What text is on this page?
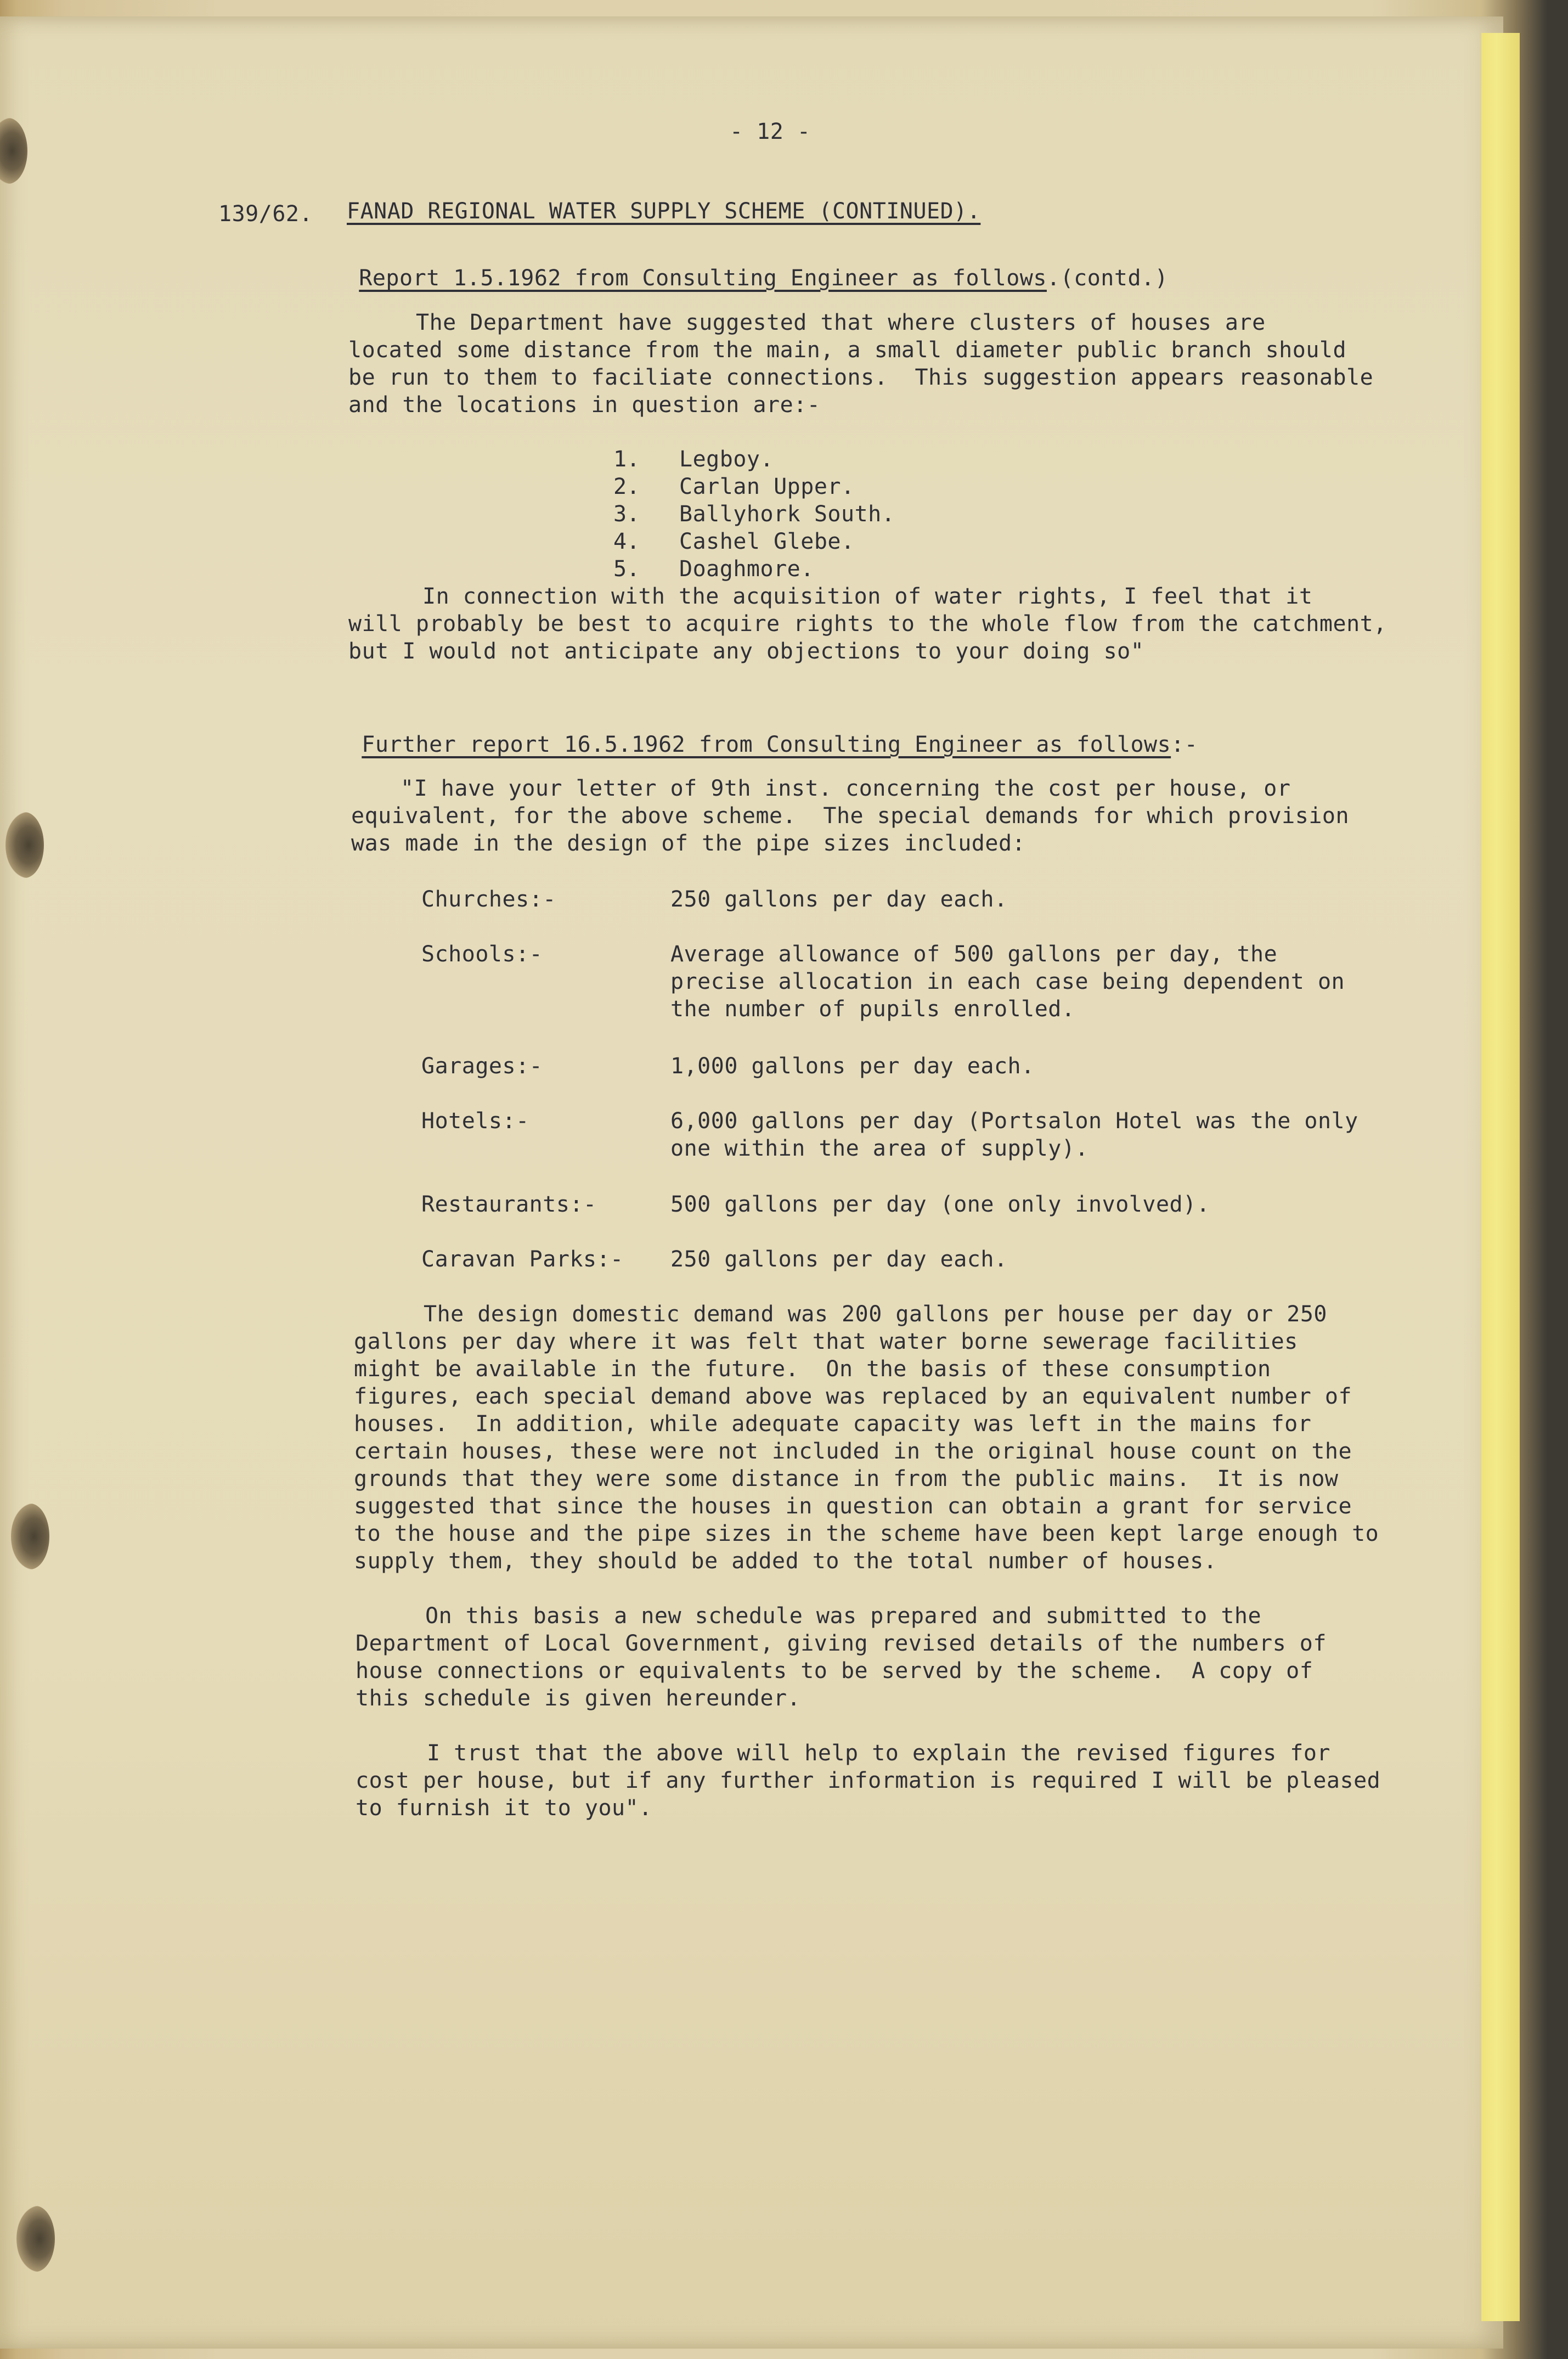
- 12 -
139/62. FANAD REGIONAL WATER SUPPLY SCHEME (CONTINUED).

Report 1.5.1962 from Consulting Engineer as follows.(contd.)

The Department have suggested that where clusters of houses are
located some distance from the main, a small diameter public branch should
be run to them to faciliate connections.  This suggestion appears reasonable
and the locations in question are:-
1. Legboy.
2. Carlan Upper.
3. Ballyhork South.
4. Cashel Glebe.
5. Doaghmore.
In connection with the acquisition of water rights, I feel that it
will probably be best to acquire rights to the whole flow from the catchment,
but I would not anticipate any objections to your doing so"

Further report 16.5.1962 from Consulting Engineer as follows:-

"I have your letter of 9th inst. concerning the cost per house, or
equivalent, for the above scheme.  The special demands for which provision
was made in the design of the pipe sizes included:
Churches:-	250 gallons per day each.
Schools:-	Average allowance of 500 gallons per day, the
precise allocation in each case being dependent on
the number of pupils enrolled.
Garages:-	1,000 gallons per day each.
Hotels:-	6,000 gallons per day (Portsalon Hotel was the only
one within the area of supply).
Restaurants:-	500 gallons per day (one only involved).
Caravan Parks:- 250 gallons per day each.
The design domestic demand was 200 gallons per house per day or 250
gallons per day where it was felt that water borne sewerage facilities
might be available in the future.  On the basis of these consumption
figures, each special demand above was replaced by an equivalent number of
houses.  In addition, while adequate capacity was left in the mains for
certain houses, these were not included in the original house count on the
grounds that they were some distance in from the public mains.  It is now
suggested that since the houses in question can obtain a grant for service
to the house and the pipe sizes in the scheme have been kept large enough to
supply them, they should be added to the total number of houses.
On this basis a new schedule was prepared and submitted to the
Department of Local Government, giving revised details of the numbers of
house connections or equivalents to be served by the scheme.  A copy of
this schedule is given hereunder.
I trust that the above will help to explain the revised figures for
cost per house, but if any further information is required I will be pleased
to furnish it to you".
